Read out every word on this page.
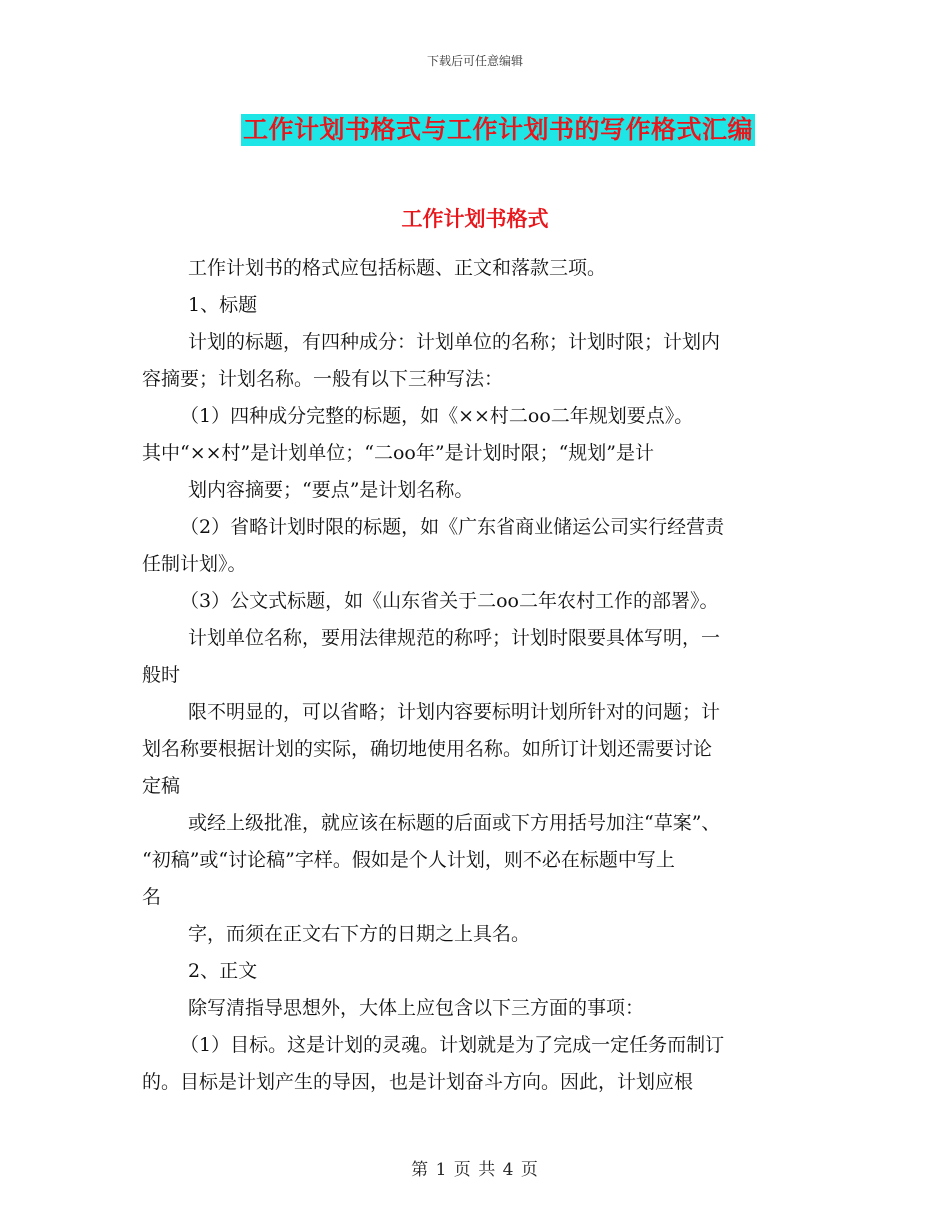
下载后可任意编辑
工作计划书格式与工作计划书的写作格式汇编
工作计划书格式

工作计划书的格式应包括标题、正文和落款三项。

1、标题

计划的标题，有四种成分：计划单位的名称；计划时限；计划内

容摘要；计划名称。一般有以下三种写法：

（1）四种成分完整的标题，如《××村二oo二年规划要点》。

其中“××村”是计划单位；“二oo年”是计划时限；“规划”是计

划内容摘要；“要点”是计划名称。

（2）省略计划时限的标题，如《广东省商业储运公司实行经营责

任制计划》。

（3）公文式标题，如《山东省关于二oo二年农村工作的部署》。

计划单位名称，要用法律规范的称呼；计划时限要具体写明，一

般时

限不明显的，可以省略；计划内容要标明计划所针对的问题；计

划名称要根据计划的实际，确切地使用名称。如所订计划还需要讨论

定稿

或经上级批准，就应该在标题的后面或下方用括号加注“草案”、

“初稿”或“讨论稿”字样。假如是个人计划，则不必在标题中写上

名

字，而须在正文右下方的日期之上具名。

2、正文

除写清指导思想外，大体上应包含以下三方面的事项：

（1）目标。这是计划的灵魂。计划就是为了完成一定任务而制订

的。目标是计划产生的导因，也是计划奋斗方向。因此，计划应根

第 1 页 共 4 页
